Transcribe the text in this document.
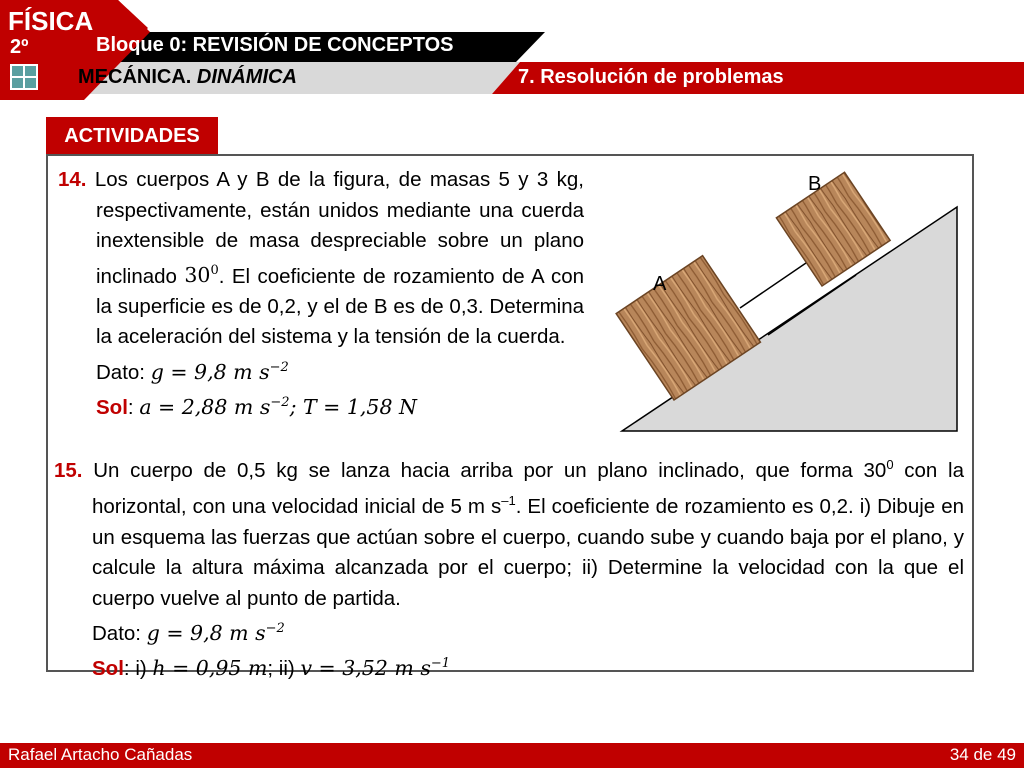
FÍSICA
2º	Bloque 0: REVISIÓN DE CONCEPTOS
MECÁNICA. DINÁMICA	7. Resolución de problemas
ACTIVIDADES
14. Los cuerpos A y B de la figura, de masas 5 y 3 kg, respectivamente, están unidos mediante una cuerda inextensible de masa despreciable sobre un plano inclinado $30^0$. El coeficiente de rozamiento de A con la superficie es de 0,2, y el de B es de 0,3. Determina la aceleración del sistema y la tensión de la cuerda.
Dato: g = 9,8 m $s^{-2}$
Sol: a = 2,88 m $s^{-2}$; T = 1,58 N
A
B
15. Un cuerpo de 0,5 kg se lanza hacia arriba por un plano inclinado, que forma $30^0$ con la horizontal, con una velocidad inicial de 5 m $s^{-1}$. El coeficiente de rozamiento es 0,2. i) Dibuje en un esquema las fuerzas que actúan sobre el cuerpo, cuando sube y cuando baja por el plano, y calcule la altura máxima alcanzada por el cuerpo; ii) Determine la velocidad con la que el cuerpo vuelve al punto de partida.
Dato: g = 9,8 m $s^{-2}$
Sol: i) h = 0,95 m; ii) v = 3,52 m $s^{-1}$
Rafael Artacho Cañadas	34 de 49
